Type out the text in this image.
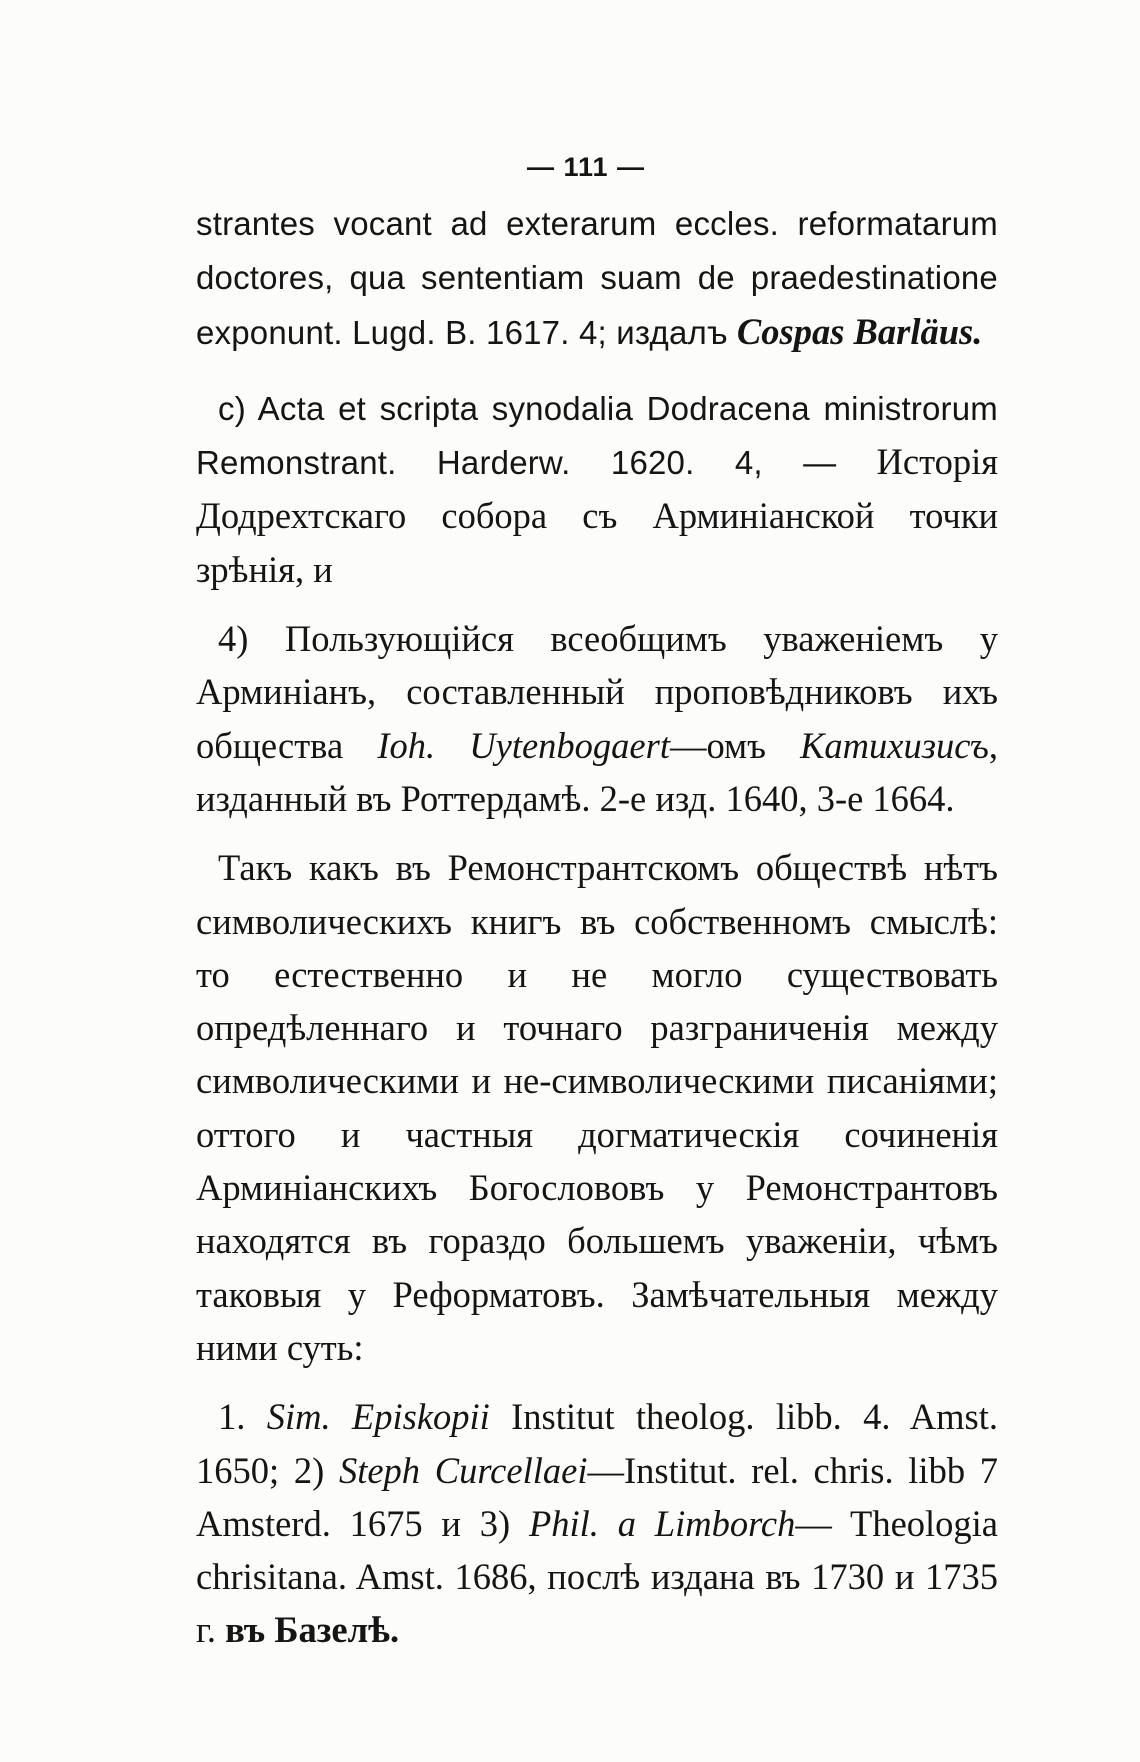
— 111 —

strantes vocant ad exterarum eccles. reformatarum doctores, qua sententiam suam de praedestinatione exponunt. Lugd. B. 1617. 4; издалъ Cospas Barläus.

c) Acta et scripta synodalia Dodracena ministrorum Remonstrant. Harderw. 1620. 4, — Исторія Додрехтскаго собора съ Арминіанской точки зрѣнія, и

4) Пользующійся всеобщимъ уваженіемъ у Арминіанъ, составленный проповѣдниковъ ихъ общества Ioh. Uytenbogaert—омъ Катихизисъ, изданный въ Роттердамѣ. 2-е изд. 1640, 3-е 1664.

Такъ какъ въ Ремонстрантскомъ обществѣ нѣтъ символическихъ книгъ въ собственномъ смыслѣ: то естественно и не могло существовать опредѣленнаго и точнаго разграниченія между символическими и не-символическими писаніями; оттого и частныя догматическія сочиненія Арминіанскихъ Богослововъ у Ремонстрантовъ находятся въ гораздо большемъ уваженіи, чѣмъ таковыя у Реформатовъ. Замѣчательныя между ними суть:

1. Sim. Episkopii Institut theolog. libb. 4. Amst. 1650; 2) Steph Curcellaei—Institut. rel. chris. libb 7 Amsterd. 1675 и 3) Phil. a Limborch— Theologia chrisitana. Amst. 1686, послѣ издана въ 1730 и 1735 г. въ Базелѣ.
